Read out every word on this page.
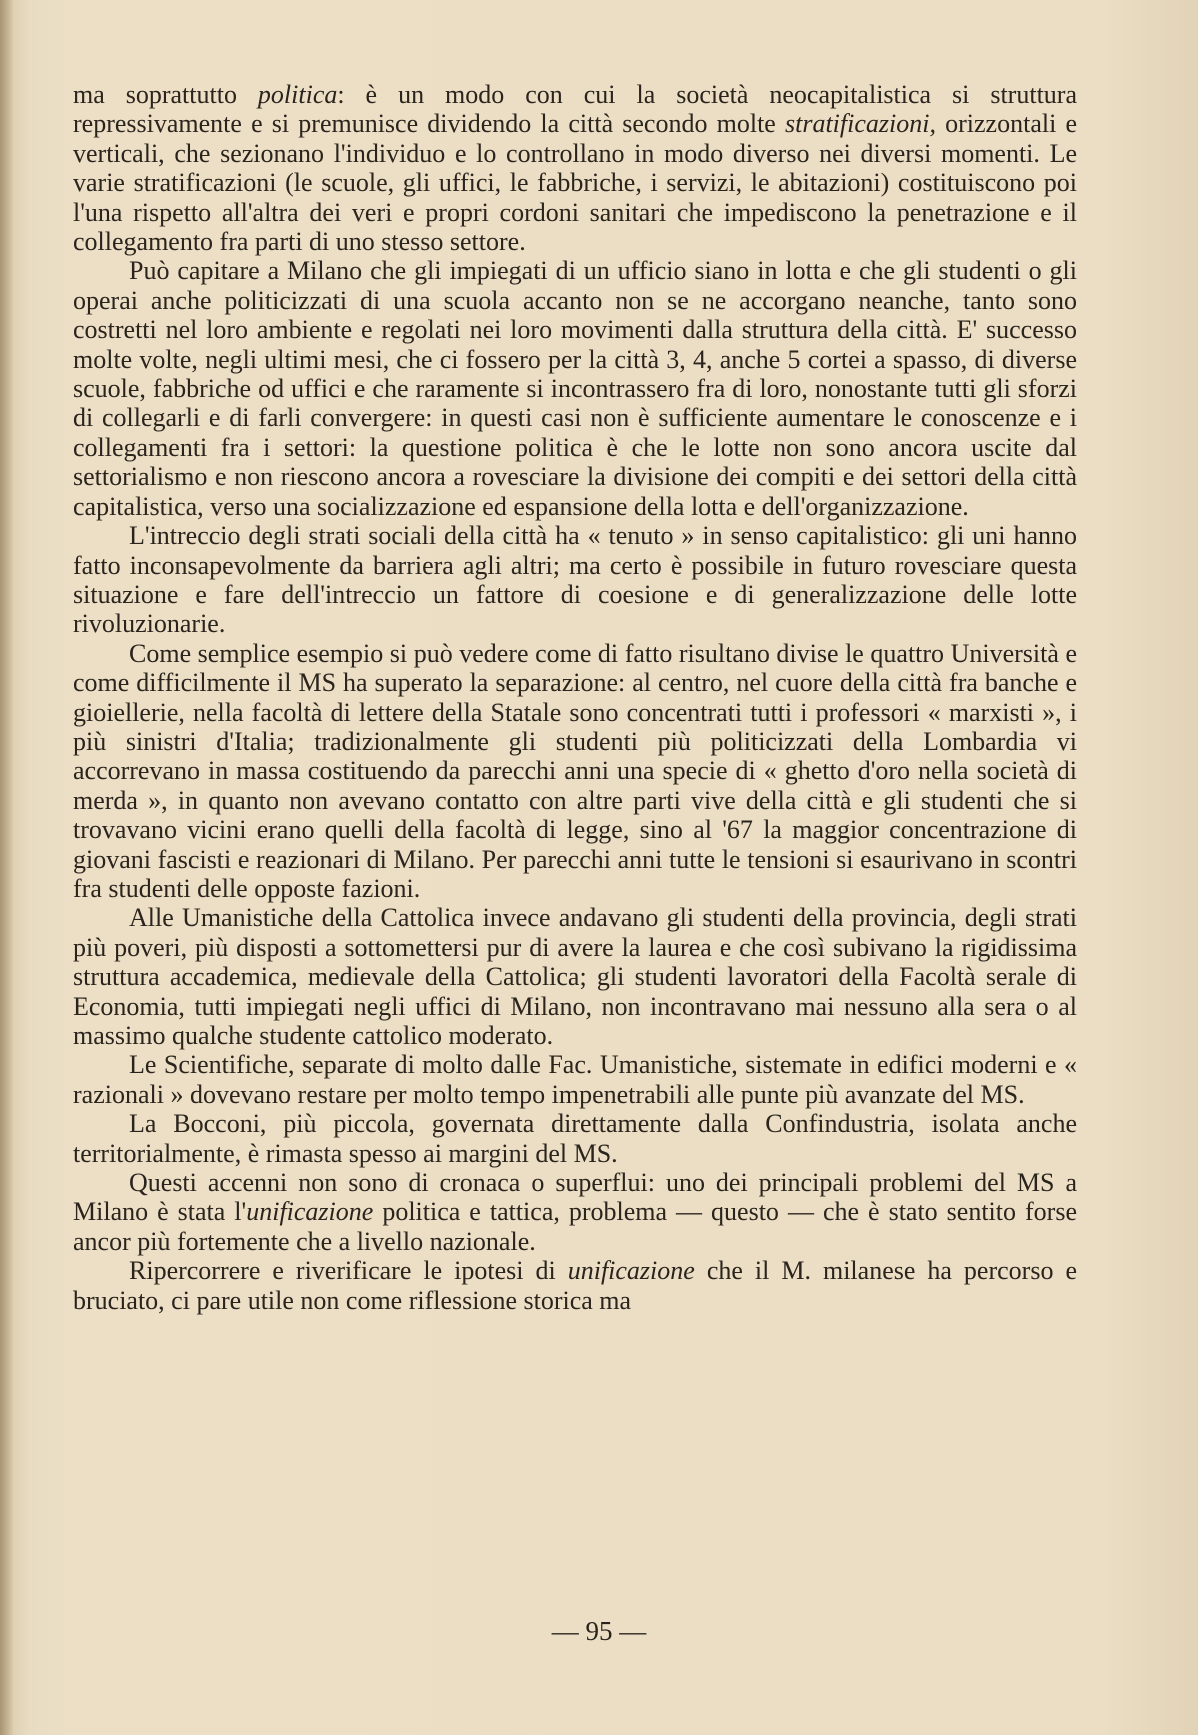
ma soprattutto politica: è un modo con cui la società neocapitalistica si struttura repressivamente e si premunisce dividendo la città secondo molte stratificazioni, orizzontali e verticali, che sezionano l'individuo e lo controllano in modo diverso nei diversi momenti. Le varie stratificazioni (le scuole, gli uffici, le fabbriche, i servizi, le abitazioni) costituiscono poi l'una rispetto all'altra dei veri e propri cordoni sanitari che impediscono la penetrazione e il collegamento fra parti di uno stesso settore.

Può capitare a Milano che gli impiegati di un ufficio siano in lotta e che gli studenti o gli operai anche politicizzati di una scuola accanto non se ne accorgano neanche, tanto sono costretti nel loro ambiente e regolati nei loro movimenti dalla struttura della città. E' successo molte volte, negli ultimi mesi, che ci fossero per la città 3, 4, anche 5 cortei a spasso, di diverse scuole, fabbriche od uffici e che raramente si incontrassero fra di loro, nonostante tutti gli sforzi di collegarli e di farli convergere: in questi casi non è sufficiente aumentare le conoscenze e i collegamenti fra i settori: la questione politica è che le lotte non sono ancora uscite dal settorialismo e non riescono ancora a rovesciare la divisione dei compiti e dei settori della città capitalistica, verso una socializzazione ed espansione della lotta e dell'organizzazione.

L'intreccio degli strati sociali della città ha « tenuto » in senso capitalistico: gli uni hanno fatto inconsapevolmente da barriera agli altri; ma certo è possibile in futuro rovesciare questa situazione e fare dell'intreccio un fattore di coesione e di generalizzazione delle lotte rivoluzionarie.

Come semplice esempio si può vedere come di fatto risultano divise le quattro Università e come difficilmente il MS ha superato la separazione: al centro, nel cuore della città fra banche e gioiellerie, nella facoltà di lettere della Statale sono concentrati tutti i professori « marxisti », i più sinistri d'Italia; tradizionalmente gli studenti più politicizzati della Lombardia vi accorrevano in massa costituendo da parecchi anni una specie di « ghetto d'oro nella società di merda », in quanto non avevano contatto con altre parti vive della città e gli studenti che si trovavano vicini erano quelli della facoltà di legge, sino al '67 la maggior concentrazione di giovani fascisti e reazionari di Milano. Per parecchi anni tutte le tensioni si esaurivano in scontri fra studenti delle opposte fazioni.

Alle Umanistiche della Cattolica invece andavano gli studenti della provincia, degli strati più poveri, più disposti a sottomettersi pur di avere la laurea e che così subivano la rigidissima struttura accademica, medievale della Cattolica; gli studenti lavoratori della Facoltà serale di Economia, tutti impiegati negli uffici di Milano, non incontravano mai nessuno alla sera o al massimo qualche studente cattolico moderato.

Le Scientifiche, separate di molto dalle Fac. Umanistiche, sistemate in edifici moderni e « razionali » dovevano restare per molto tempo impenetrabili alle punte più avanzate del MS.

La Bocconi, più piccola, governata direttamente dalla Confindustria, isolata anche territorialmente, è rimasta spesso ai margini del MS.

Questi accenni non sono di cronaca o superflui: uno dei principali problemi del MS a Milano è stata l'unificazione politica e tattica, problema — questo — che è stato sentito forse ancor più fortemente che a livello nazionale.

Ripercorrere e riverificare le ipotesi di unificazione che il M. milanese ha percorso e bruciato, ci pare utile non come riflessione storica ma

— 95 —
